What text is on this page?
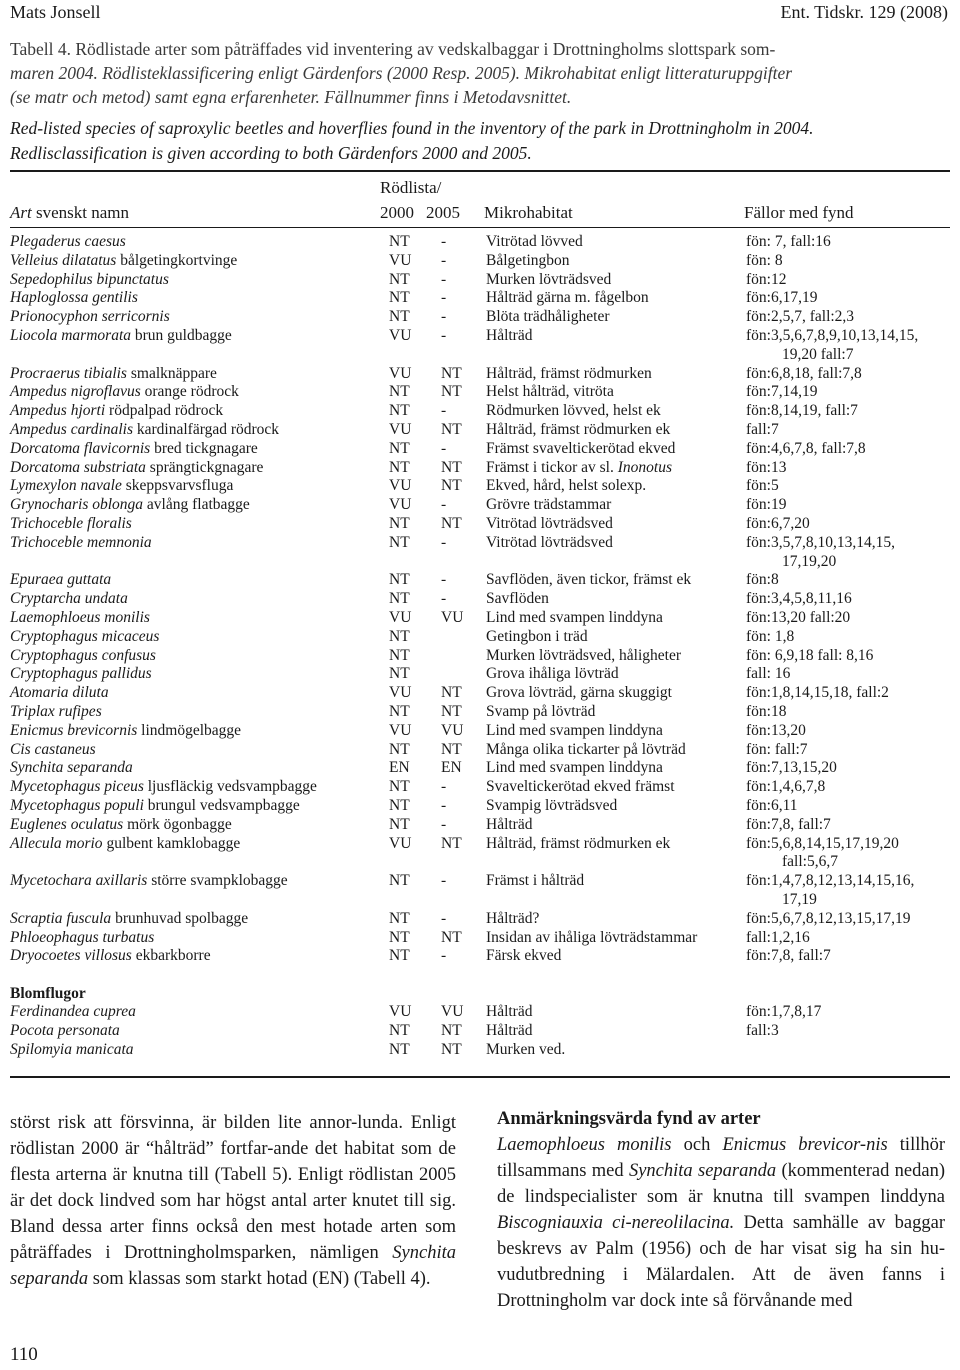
Mats Jonsell	Ent. Tidskr. 129 (2008)
Tabell 4. Rödlistade arter som påträffades vid inventering av vedskalbaggar i Drottningholms slottspark som-
maren 2004. Rödlisteklassificering enligt Gärdenfors (2000 Resp. 2005). Mikrohabitat enligt litteraturuppgifter
(se matr och metod) samt egna erfarenheter. Fällnummer finns i Metodavsnittet.
Red-listed species of saproxylic beetles and hoverflies found in the inventory of the park in Drottningholm in 2004.
Redlisclassification is given according to both Gärdenfors 2000 and 2005.
Rödlista/
Art svenskt namn	2000 2005 Mikrohabitat	Fällor med fynd
Plegaderus caesus	NT -	Vitrötad lövved	fön: 7, fall:16
Velleius dilatatus bålgetingkortvinge	VU -	Bålgetingbon	fön: 8
Sepedophilus bipunctatus	NT -	Murken lövträdsved	fön:12
Haploglossa gentilis	NT -	Hålträd gärna m. fågelbon	fön:6,17,19
Prionocyphon serricornis	NT -	Blöta trädhåligheter	fön:2,5,7, fall:2,3
Liocola marmorata brun guldbagge	VU -	Hålträd	fön:3,5,6,7,8,9,10,13,14,15,
19,20 fall:7
Procraerus tibialis smalknäppare	VU NT Hålträd, främst rödmurken	fön:6,8,18, fall:7,8
Ampedus nigroflavus orange rödrock	NT NT Helst hålträd, vitröta	fön:7,14,19
Ampedus hjorti rödpalpad rödrock	NT -	Rödmurken lövved, helst ek	fön:8,14,19, fall:7
Ampedus cardinalis kardinalfärgad rödrock	VU NT Hålträd, främst rödmurken ek	fall:7
Dorcatoma flavicornis bred tickgnagare	NT -	Främst svaveltickerötad ekved	fön:4,6,7,8, fall:7,8
Dorcatoma substriata sprängtickgnagare	NT NT Främst i tickor av sl. Inonotus	fön:13
Lymexylon navale skeppsvarvsfluga	VU NT Ekved, hård, helst solexp.	fön:5
Grynocharis oblonga avlång flatbagge	VU -	Grövre trädstammar	fön:19
Trichoceble floralis	NT NT Vitrötad lövträdsved	fön:6,7,20
Trichoceble memnonia	NT -	Vitrötad lövträdsved	fön:3,5,7,8,10,13,14,15,
17,19,20
Epuraea guttata	NT -	Savflöden, även tickor, främst ek	fön:8
Cryptarcha undata	NT -	Savflöden	fön:3,4,5,8,11,16
Laemophloeus monilis	VU VU Lind med svampen linddyna	fön:13,20 fall:20
Cryptophagus micaceus	NT	Getingbon i träd	fön: 1,8
Cryptophagus confusus	NT	Murken lövträdsved, håligheter	fön: 6,9,18 fall: 8,16
Cryptophagus pallidus	NT	Grova ihåliga lövträd	fall: 16
Atomaria diluta	VU NT Grova lövträd, gärna skuggigt	fön:1,8,14,15,18, fall:2
Triplax rufipes	NT NT Svamp på lövträd	fön:18
Enicmus brevicornis lindmögelbagge	VU VU Lind med svampen linddyna	fön:13,20
Cis castaneus	NT NT Många olika tickarter på lövträd	fön: fall:7
Synchita separanda	EN EN Lind med svampen linddyna	fön:7,13,15,20
Mycetophagus piceus ljusfläckig vedsvampbagge	NT -	Svaveltickerötad ekved främst	fön:1,4,6,7,8
Mycetophagus populi brungul vedsvampbagge	NT -	Svampig lövträdsved	fön:6,11
Euglenes oculatus mörk ögonbagge	NT -	Hålträd	fön:7,8, fall:7
Allecula morio gulbent kamklobagge	VU NT Hålträd, främst rödmurken ek	fön:5,6,8,14,15,17,19,20
fall:5,6,7
Mycetochara axillaris större svampklobagge	NT -	Främst i hålträd	fön:1,4,7,8,12,13,14,15,16,
17,19
Scraptia fuscula brunhuvad spolbagge	NT -	Hålträd?	fön:5,6,7,8,12,13,15,17,19
Phloeophagus turbatus	NT NT Insidan av ihåliga lövträdstammar	fall:1,2,16
Dryocoetes villosus ekbarkborre	NT -	Färsk ekved	fön:7,8, fall:7
Blomflugor
Ferdinandea cuprea	VU VU Hålträd	fön:1,7,8,17
Pocota personata	NT NT Hålträd	fall:3
Spilomyia manicata	NT NT Murken ved.

störst risk att försvinna, är bilden lite annor-lunda. Enligt rödlistan 2000 är “hålträd” fortfar-ande det habitat som de flesta arterna är knutna till (Tabell 5). Enligt rödlistan 2005 är det dock lindved som har högst antal arter knutet till sig. Bland dessa arter finns också den mest hotade arten som påträffades i Drottningholmsparken, nämligen Synchita separanda som klassas som starkt hotad (EN) (Tabell 4).

Anmärkningsvärda fynd av arter

Laemophloeus monilis och Enicmus brevicor-nis tillhör tillsammans med Synchita separanda (kommenterad nedan) de lindspecialister som är knutna till svampen linddyna Biscogniauxia ci-nereolilacina. Detta samhälle av baggar beskrevs av Palm (1956) och de har visat sig ha sin hu-vudutbredning i Mälardalen. Att de även fanns i Drottningholm var dock inte så förvånande med

110
